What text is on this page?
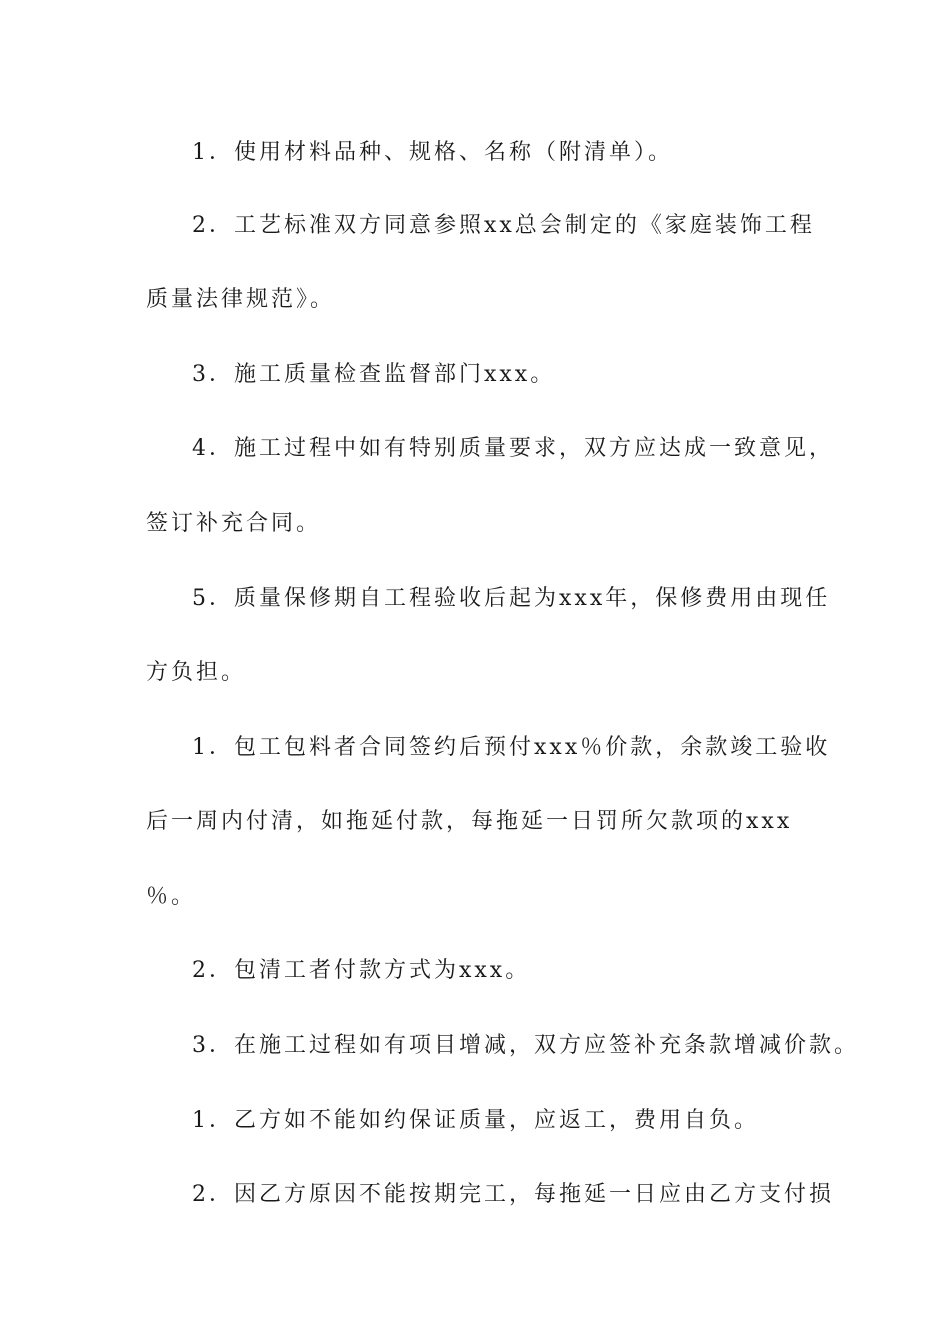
1．使用材料品种、规格、名称（附清单）。
2．工艺标准双方同意参照xx总会制定的《家庭装饰工程
质量法律规范》。
3．施工质量检查监督部门xxx。
4．施工过程中如有特别质量要求，双方应达成一致意见，
签订补充合同。
5．质量保修期自工程验收后起为xxx年，保修费用由现任
方负担。
1．包工包料者合同签约后预付xxx％价款，余款竣工验收
后一周内付清，如拖延付款，每拖延一日罚所欠款项的xxx
％。
2．包清工者付款方式为xxx。
3．在施工过程如有项目增减，双方应签补充条款增减价款。
1．乙方如不能如约保证质量，应返工，费用自负。
2．因乙方原因不能按期完工，每拖延一日应由乙方支付损
